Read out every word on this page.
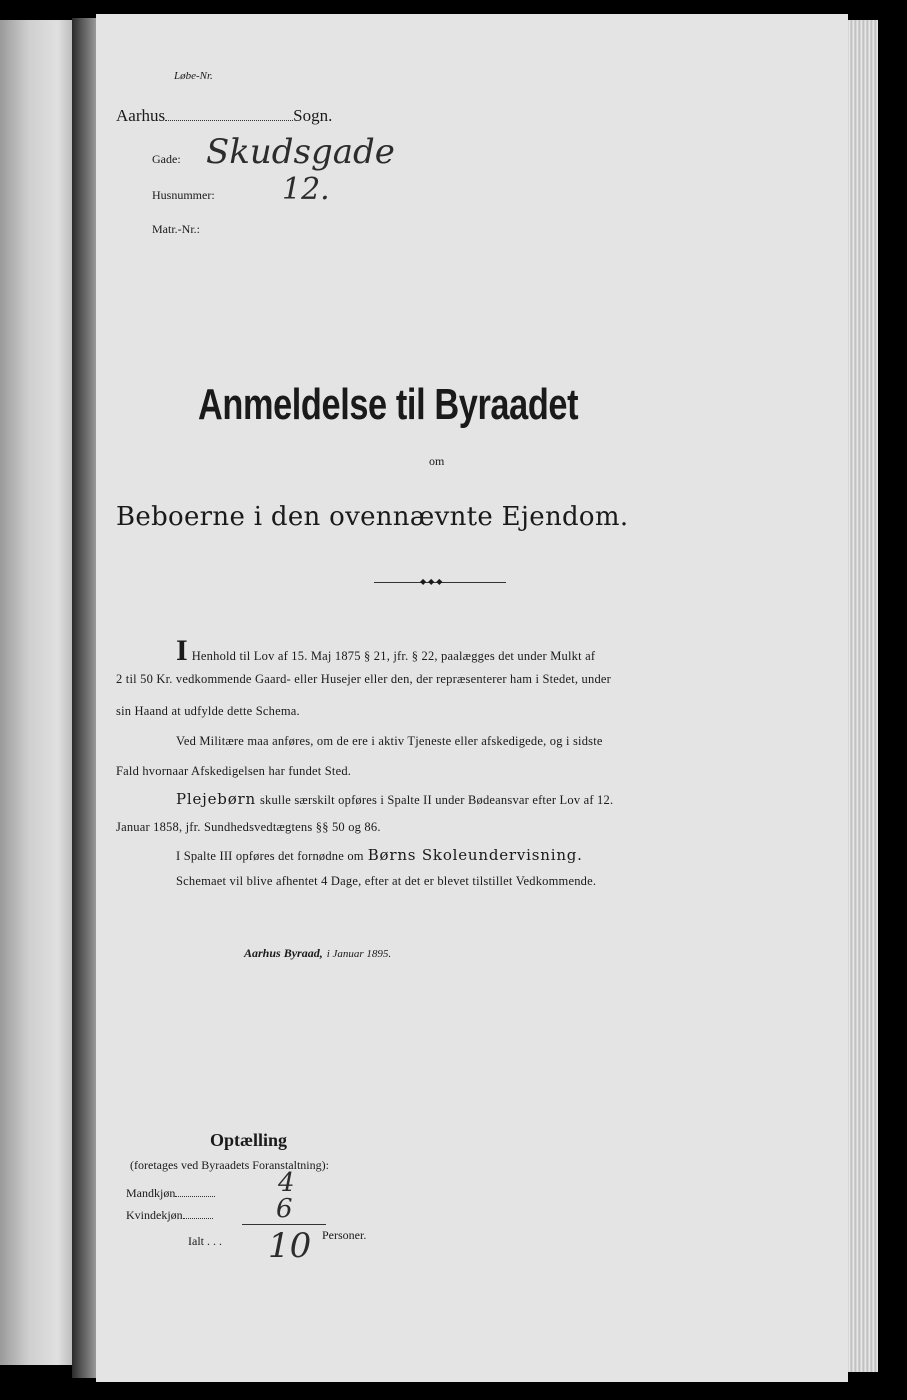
Løbe-Nr.
Aarhus	Sogn.
Gade: Skudsgade
Husnummer: 12.
Matr.-Nr.:
Anmeldelse til Byraadet
om
Beboerne i den ovennævnte Ejendom.
◆ ◆ ◆
I Henhold til Lov af 15. Maj 1875 § 21, jfr. § 22, paalægges det under Mulkt af
2 til 50 Kr. vedkommende Gaard- eller Husejer eller den, der repræsenterer ham i Stedet, under
sin Haand at udfylde dette Schema.
Ved Militære maa anføres, om de ere i aktiv Tjeneste eller afskedigede, og i sidste
Fald hvornaar Afskedigelsen har fundet Sted.
Plejebørn skulle særskilt opføres i Spalte II under Bødeansvar efter Lov af 12.
Januar 1858, jfr. Sundhedsvedtægtens §§ 50 og 86.
I Spalte III opføres det fornødne om Børns Skoleundervisning.
Schemaet vil blive afhentet 4 Dage, efter at det er blevet tilstillet Vedkommende.
Aarhus Byraad, i Januar 1895.
Optælling
(foretages ved Byraadets Foranstaltning):
Mandkjøn	4
Kvindekjøn	6
Ialt . . . 10 Personer.
